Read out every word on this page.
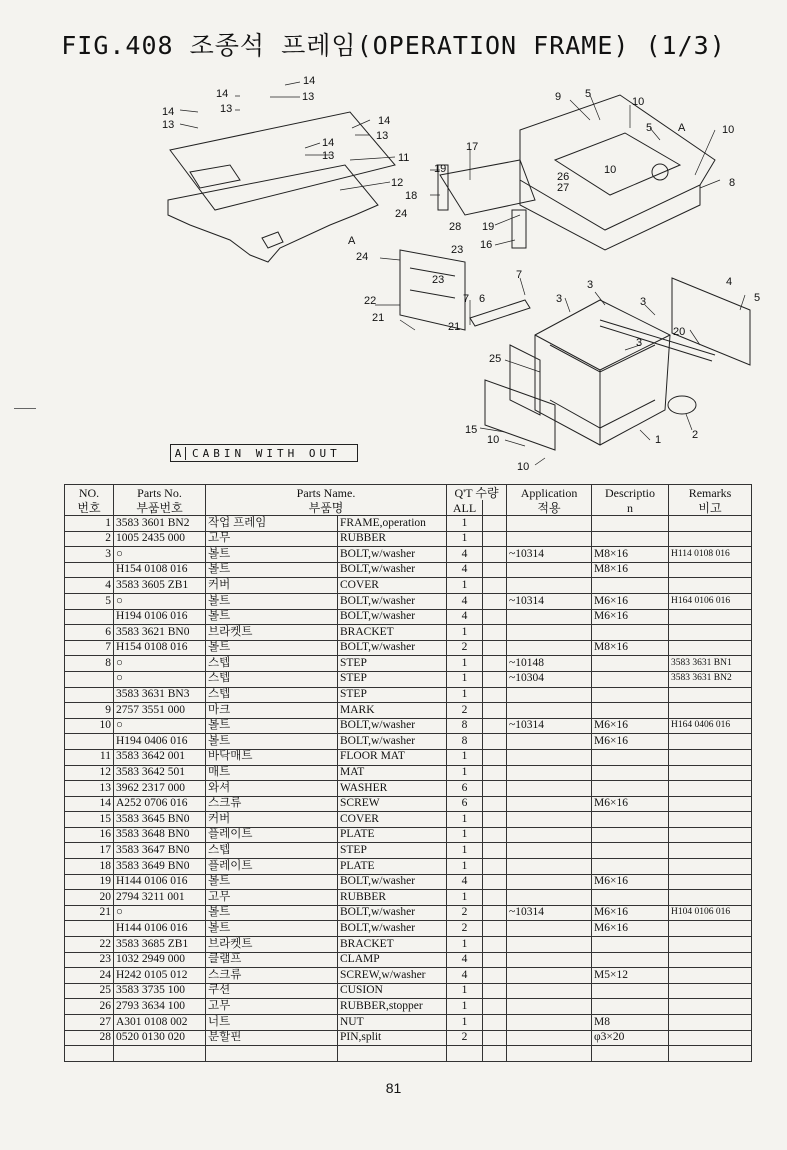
FIG.408 조종석 프레임(OPERATION FRAME) (1/3)
14
13
14
13
14
13	14
13
14
13	11
12
A
9 5
10
5 A	10
17
19
18
26
27
10
8
24
23
24
23
28 19
16
22
21
7
6
21
7	3
3
3
4
5
20
3
25
15
10
10
1	2
A CABIN WITH OUT
NO.	Parts No.	Parts Name.		Q'T 수량		Application	Descriptio	Remarks
번호	부품번호	부품명		ALL		적용	n	비고
1	3583 3601 BN2	작업 프레임	FRAME,operation	1				
2	1005 2435 000	고무	RUBBER	1				
3	○	볼트	BOLT,w/washer	4		~10314	M8×16	H114 0108 016
	H154 0108 016	볼트	BOLT,w/washer	4			M8×16	
4	3583 3605 ZB1	커버	COVER	1				
5	○	볼트	BOLT,w/washer	4		~10314	M6×16	H164 0106 016
	H194 0106 016	볼트	BOLT,w/washer	4			M6×16	
6	3583 3621 BN0	브라켓트	BRACKET	1				
7	H154 0108 016	볼트	BOLT,w/washer	2			M8×16	
8	○	스텝	STEP	1		~10148		3583 3631 BN1
	○	스텝	STEP	1		~10304		3583 3631 BN2
	3583 3631 BN3	스텝	STEP	1				
9	2757 3551 000	마크	MARK	2				
10	○	볼트	BOLT,w/washer	8		~10314	M6×16	H164 0406 016
	H194 0406 016	볼트	BOLT,w/washer	8			M6×16	
11	3583 3642 001	바닥매트	FLOOR MAT	1				
12	3583 3642 501	매트	MAT	1				
13	3962 2317 000	와셔	WASHER	6				
14	A252 0706 016	스크류	SCREW	6			M6×16	
15	3583 3645 BN0	커버	COVER	1				
16	3583 3648 BN0	플레이트	PLATE	1				
17	3583 3647 BN0	스텝	STEP	1				
18	3583 3649 BN0	플레이트	PLATE	1				
19	H144 0106 016	볼트	BOLT,w/washer	4			M6×16	
20	2794 3211 001	고무	RUBBER	1				
21	○	볼트	BOLT,w/washer	2		~10314	M6×16	H104 0106 016
	H144 0106 016	볼트	BOLT,w/washer	2			M6×16	
22	3583 3685 ZB1	브라켓트	BRACKET	1				
23	1032 2949 000	클램프	CLAMP	4				
24	H242 0105 012	스크류	SCREW,w/washer	4			M5×12	
25	3583 3735 100	쿠션	CUSION	1				
26	2793 3634 100	고무	RUBBER,stopper	1				
27	A301 0108 002	너트	NUT	1			M8	
28	0520 0130 020	분할핀	PIN,split	2			φ3×20	

81
